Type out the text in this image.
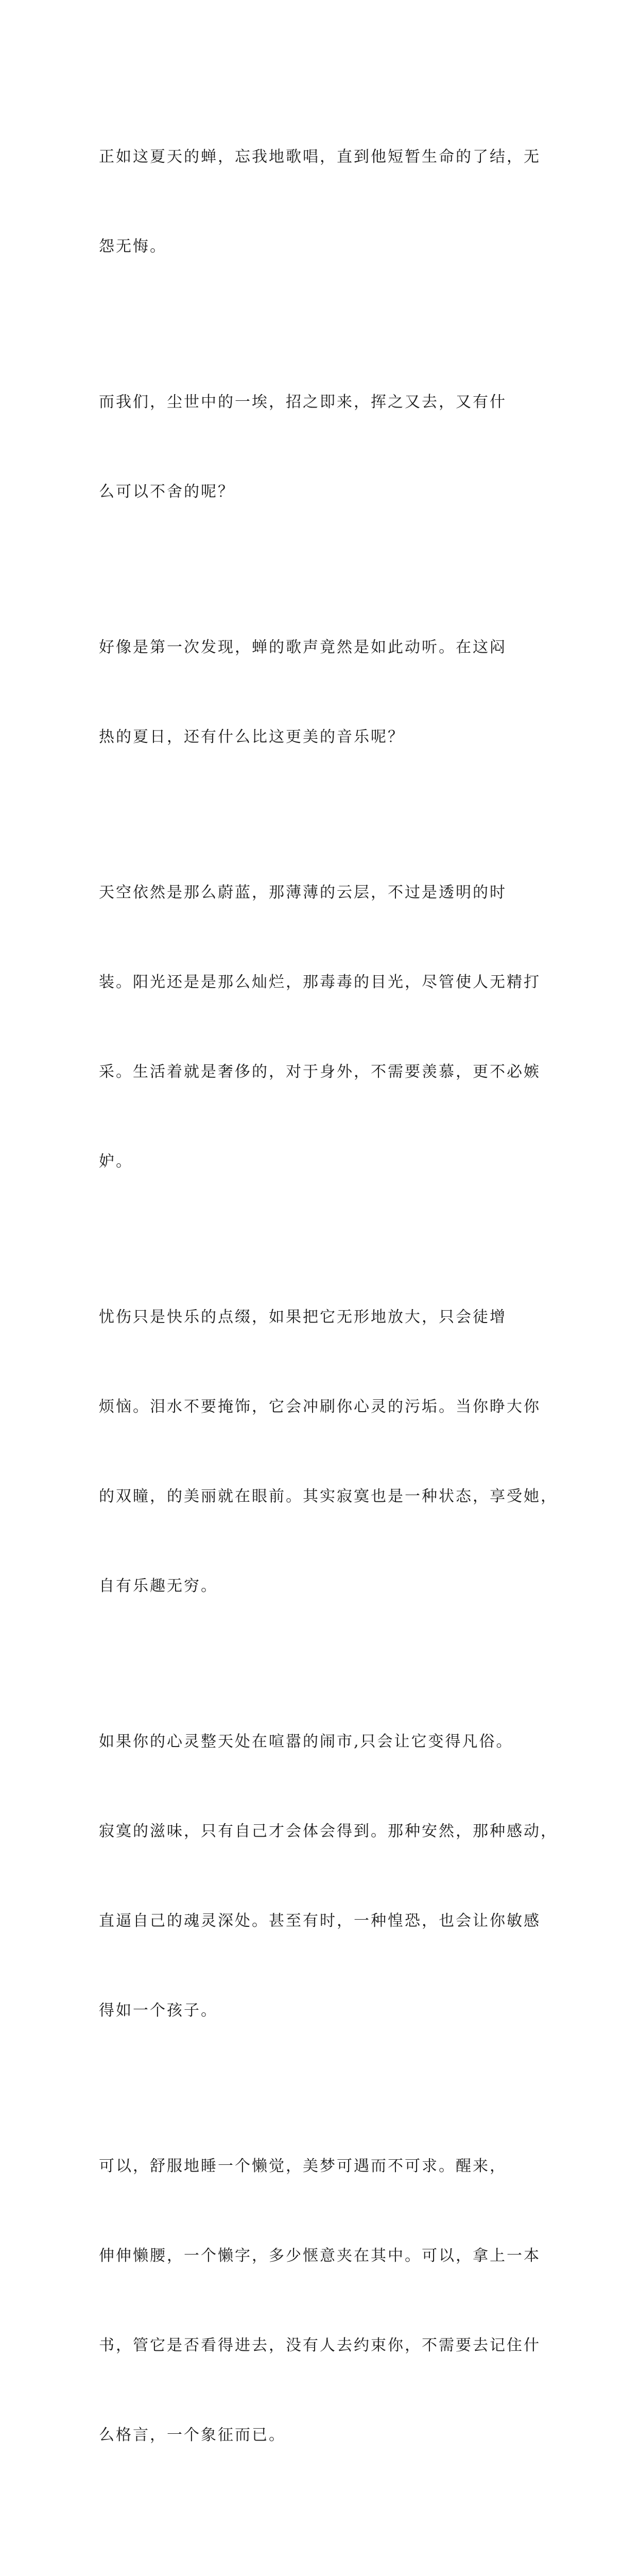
正如这夏天的蝉，忘我地歌唱，直到他短暂生命的了结，无

怨无悔。

而我们，尘世中的一埃，招之即来，挥之又去，又有什

么可以不舍的呢？

好像是第一次发现，蝉的歌声竟然是如此动听。在这闷

热的夏日，还有什么比这更美的音乐呢？

天空依然是那么蔚蓝，那薄薄的云层，不过是透明的时

装。阳光还是是那么灿烂，那毒毒的目光，尽管使人无精打

采。生活着就是奢侈的，对于身外，不需要羡慕，更不必嫉

妒。

忧伤只是快乐的点缀，如果把它无形地放大，只会徒增

烦恼。泪水不要掩饰，它会冲刷你心灵的污垢。当你睁大你

的双瞳，的美丽就在眼前。其实寂寞也是一种状态，享受她，

自有乐趣无穷。

如果你的心灵整天处在喧嚣的闹市,只会让它变得凡俗。

寂寞的滋味，只有自己才会体会得到。那种安然，那种感动，

直逼自己的魂灵深处。甚至有时，一种惶恐，也会让你敏感

得如一个孩子。

可以，舒服地睡一个懒觉，美梦可遇而不可求。醒来，

伸伸懒腰，一个懒字，多少惬意夹在其中。可以，拿上一本

书，管它是否看得进去，没有人去约束你，不需要去记住什

么格言，一个象征而已。
